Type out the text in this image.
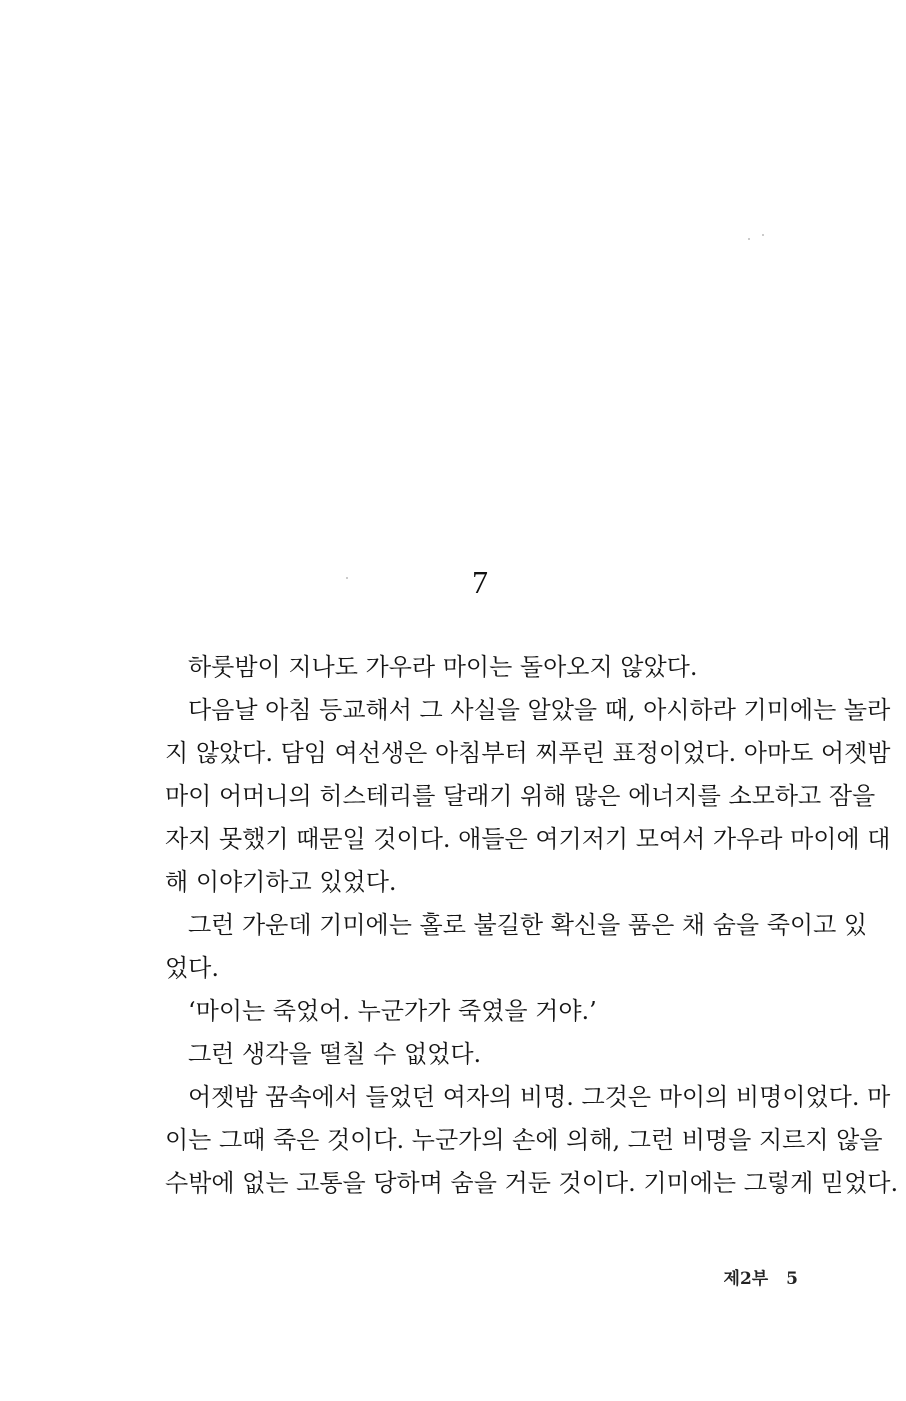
7
하룻밤이 지나도 가우라 마이는 돌아오지 않았다.
다음날 아침 등교해서 그 사실을 알았을 때, 아시하라 기미에는 놀라
지 않았다. 담임 여선생은 아침부터 찌푸린 표정이었다. 아마도 어젯밤
마이 어머니의 히스테리를 달래기 위해 많은 에너지를 소모하고 잠을
자지 못했기 때문일 것이다. 애들은 여기저기 모여서 가우라 마이에 대
해 이야기하고 있었다.
그런 가운데 기미에는 홀로 불길한 확신을 품은 채 숨을 죽이고 있
었다.
‘마이는 죽었어. 누군가가 죽였을 거야.’
그런 생각을 떨칠 수 없었다.
어젯밤 꿈속에서 들었던 여자의 비명. 그것은 마이의 비명이었다. 마
이는 그때 죽은 것이다. 누군가의 손에 의해, 그런 비명을 지르지 않을
수밖에 없는 고통을 당하며 숨을 거둔 것이다. 기미에는 그렇게 믿었다.
제2부 5
